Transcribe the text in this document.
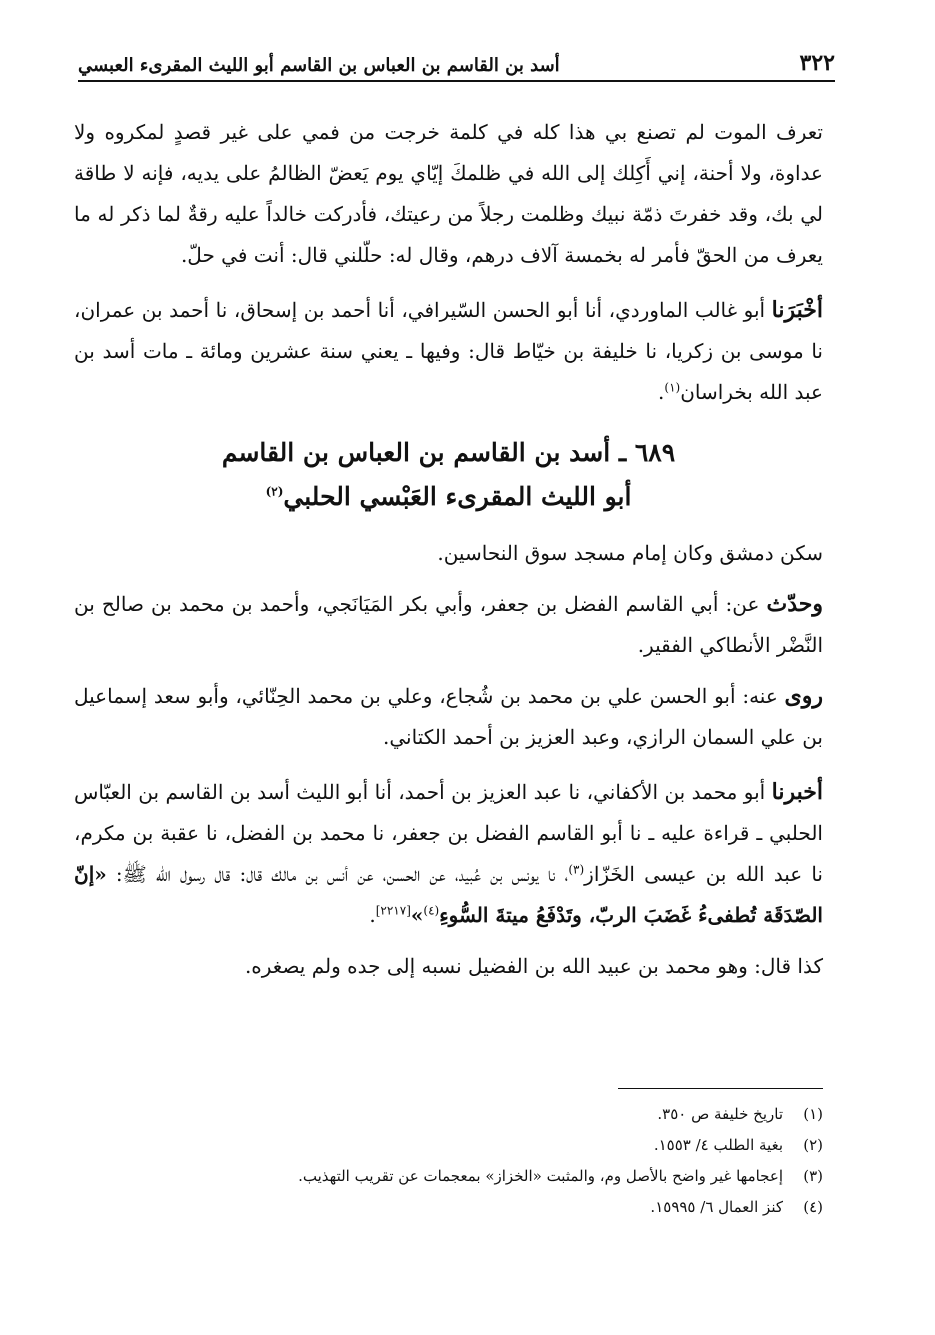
٣٢٢
أسد بن القاسم بن العباس بن القاسم أبو الليث المقرىء العبسي

تعرف الموت لم تصنع بي هذا كله في كلمة خرجت من فمي على غير قصدٍ لمكروه ولا عداوة، ولا أحنة، إني أَكِلك إلى الله في ظلمكَ إيّاي يوم يَعضّ الظالمُ على يديه، فإنه لا طاقة لي بك، وقد خفرتَ ذمّة نبيك وظلمت رجلاً من رعيتك، فأدركت خالداً عليه رقةٌ لما ذكر له ما يعرف من الحقّ فأمر له بخمسة آلاف درهم، وقال له: حلّلني قال: أنت في حلّ.

أخْبَرَنا أبو غالب الماوردي، أنا أبو الحسن السّيرافي، أنا أحمد بن إسحاق، نا أحمد بن عمران، نا موسى بن زكريا، نا خليفة بن خيّاط قال: وفيها ـ يعني سنة عشرين ومائة ـ مات أسد بن عبد الله بخراسان$^{(١)}$.

٦٨٩ ـ أسد بن القاسم بن العباس بن القاسم
أبو الليث المقرىء العَبْسي الحلبي$^{(٢)}$

سكن دمشق وكان إمام مسجد سوق النحاسين.

وحدّث عن: أبي القاسم الفضل بن جعفر، وأبي بكر المَيَانَجي، وأحمد بن محمد بن صالح بن النَّضْر الأنطاكي الفقير.

روى عنه: أبو الحسن علي بن محمد بن شُجاع، وعلي بن محمد الحِنّائي، وأبو سعد إسماعيل بن علي السمان الرازي، وعبد العزيز بن أحمد الكتاني.

أخبرنا أبو محمد بن الأكفاني، نا عبد العزيز بن أحمد، أنا أبو الليث أسد بن القاسم بن العبّاس الحلبي ـ قراءة عليه ـ نا أبو القاسم الفضل بن جعفر، نا محمد بن الفضل، نا عقبة بن مكرم، نا عبد الله بن عيسى الخَزّاز$^{(٣)}$، نا يونس بن عُبيد، عن الحسن، عن أنس بن مالك قال: قال رسول الله ﷺ: «إنّ الصّدَقَة تُطفىءُ غَضَبَ الربّ، وتَدْفَعُ ميتةَ السُّوءِ$^{(٤)}$»[٢٢١٧].

كذا قال: وهو محمد بن عبيد الله بن الفضيل نسبه إلى جده ولم يصغره.

(١)
تاريخ خليفة ص ٣٥٠.
(٢)
بغية الطلب ٤/ ١٥٥٣.
(٣)
إعجامها غير واضح بالأصل وم، والمثبت «الخزاز» بمعجمات عن تقريب التهذيب.
(٤)
كنز العمال ٦/ ١٥٩٩٥.
